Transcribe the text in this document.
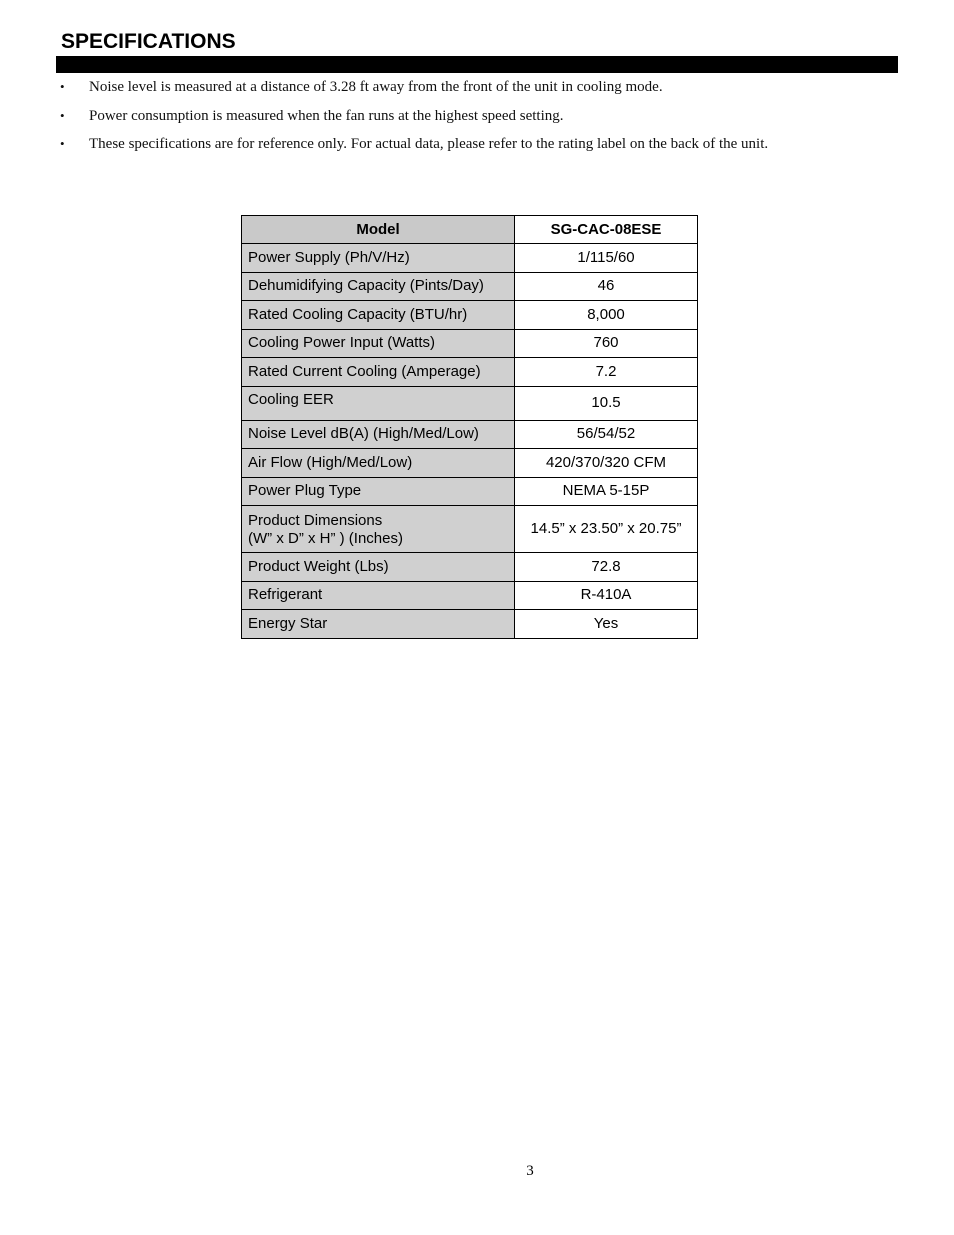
SPECIFICATIONS
• Noise level is measured at a distance of 3.28 ft away from the front of the unit in cooling mode.
• Power consumption is measured when the fan runs at the highest speed setting.
• These specifications are for reference only. For actual data, please refer to the rating label on the back of the unit.
Model	SG-CAC-08ESE
Power Supply (Ph/V/Hz)	1/115/60
Dehumidifying Capacity (Pints/Day)	46
Rated Cooling Capacity (BTU/hr)	8,000
Cooling Power Input (Watts)	760
Rated Current Cooling (Amperage)	7.2
Cooling EER	10.5
Noise Level dB(A) (High/Med/Low)	56/54/52
Air Flow (High/Med/Low)	420/370/320 CFM
Power Plug Type	NEMA 5-15P

Product Dimensions
(W” x D” x H” ) (Inches)	14.5” x 23.50” x 20.75”
Product Weight (Lbs)	72.8
Refrigerant	R-410A
Energy Star	Yes
3
